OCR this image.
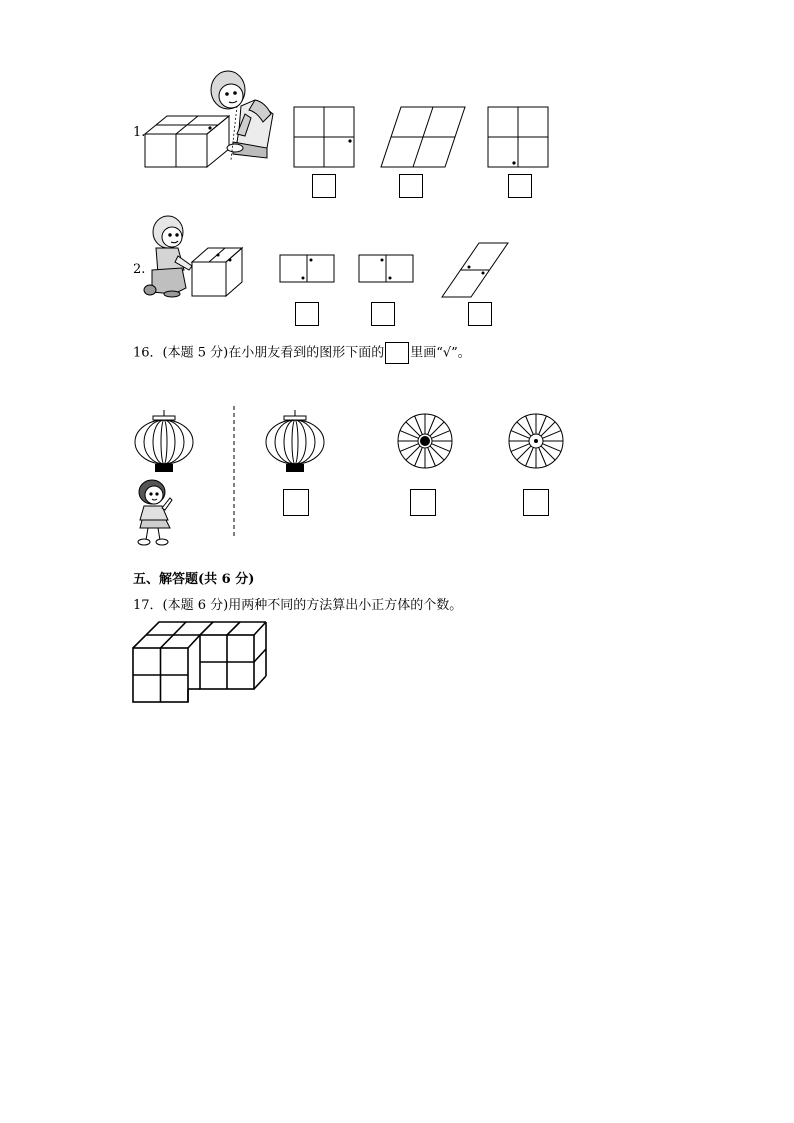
1.
2.
16．(本题 5 分)在小朋友看到的图形下面的 里画“√”。
五、解答题(共 6 分)
17．(本题 6 分)用两种不同的方法算出小正方体的个数。
